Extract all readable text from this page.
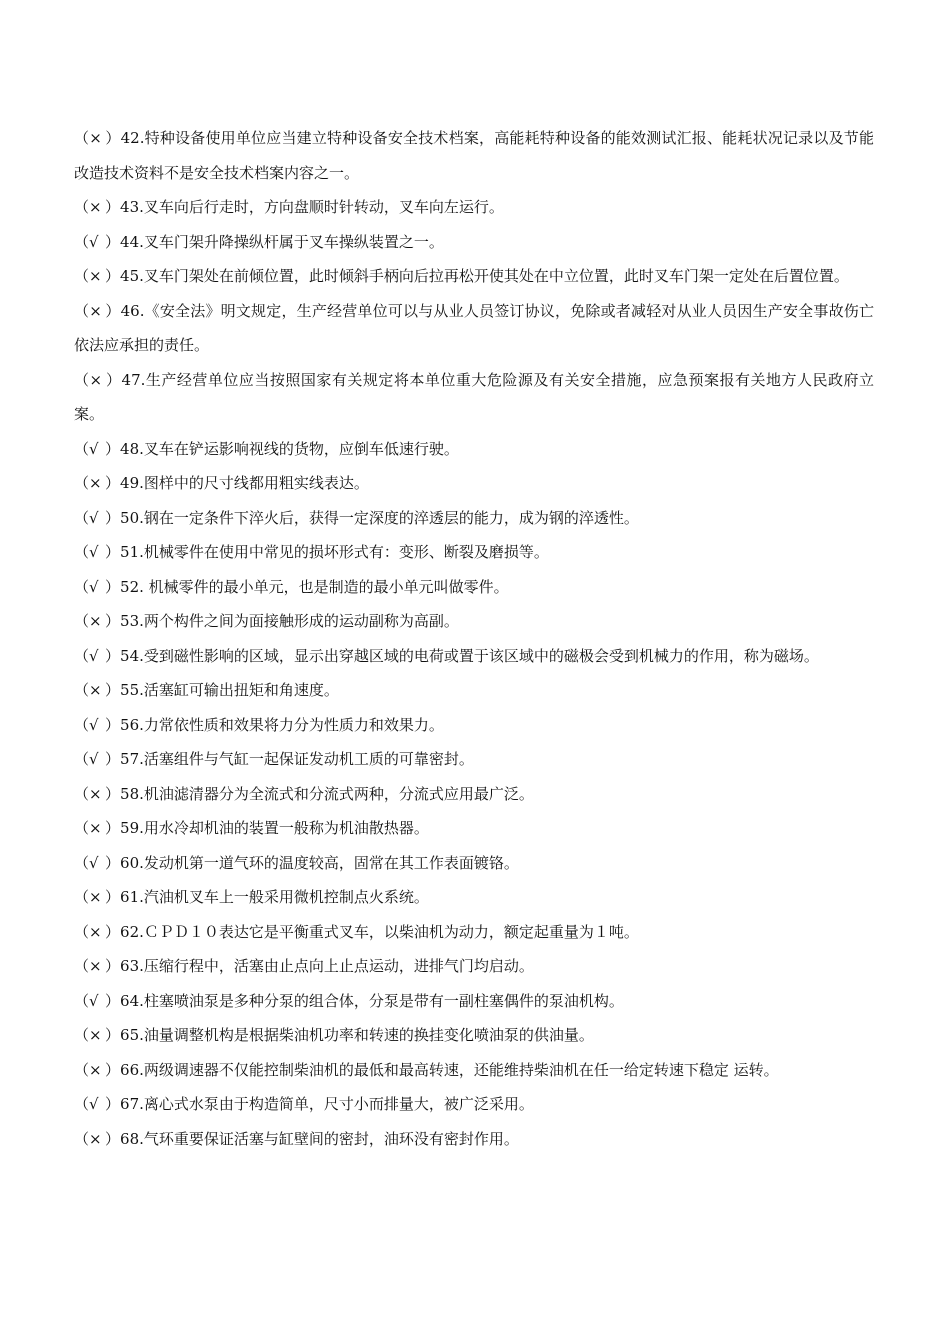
（× ）42.特种设备使用单位应当建立特种设备安全技术档案，高能耗特种设备的能效测试汇报、能耗状况记录以及节能改造技术资料不是安全技术档案内容之一。

（× ）43.叉车向后行走时，方向盘顺时针转动，叉车向左运行。

（√ ）44.叉车门架升降操纵杆属于叉车操纵装置之一。

（× ）45.叉车门架处在前倾位置，此时倾斜手柄向后拉再松开使其处在中立位置，此时叉车门架一定处在后置位置。

（× ）46.《安全法》明文规定，生产经营单位可以与从业人员签订协议，免除或者减轻对从业人员因生产安全事故伤亡依法应承担的责任。

（× ）47.生产经营单位应当按照国家有关规定将本单位重大危险源及有关安全措施，应急预案报有关地方人民政府立案。

（√ ）48.叉车在铲运影响视线的货物，应倒车低速行驶。

（× ）49.图样中的尺寸线都用粗实线表达。

（√ ）50.钢在一定条件下淬火后，获得一定深度的淬透层的能力，成为钢的淬透性。

（√ ）51.机械零件在使用中常见的损坏形式有：变形、断裂及磨损等。

（√ ）52. 机械零件的最小单元，也是制造的最小单元叫做零件。

（× ）53.两个构件之间为面接触形成的运动副称为高副。

（√ ）54.受到磁性影响的区域，显示出穿越区域的电荷或置于该区域中的磁极会受到机械力的作用，称为磁场。

（× ）55.活塞缸可输出扭矩和角速度。

（√ ）56.力常依性质和效果将力分为性质力和效果力。

（√ ）57.活塞组件与气缸一起保证发动机工质的可靠密封。

（× ）58.机油滤清器分为全流式和分流式两种，分流式应用最广泛。

（× ）59.用水冷却机油的装置一般称为机油散热器。

（√ ）60.发动机第一道气环的温度较高，固常在其工作表面镀铬。

（× ）61.汽油机叉车上一般采用微机控制点火系统。

（× ）62.ＣＰＤ１０表达它是平衡重式叉车，以柴油机为动力，额定起重量为１吨。

（× ）63.压缩行程中，活塞由止点向上止点运动，进排气门均启动。

（√ ）64.柱塞喷油泵是多种分泵的组合体，分泵是带有一副柱塞偶件的泵油机构。

（× ）65.油量调整机构是根据柴油机功率和转速的换挂变化喷油泵的供油量。

（× ）66.两级调速器不仅能控制柴油机的最低和最高转速，还能维持柴油机在任一给定转速下稳定 运转。

（√ ）67.离心式水泵由于构造简单，尺寸小而排量大，被广泛采用。

（× ）68.气环重要保证活塞与缸壁间的密封，油环没有密封作用。
